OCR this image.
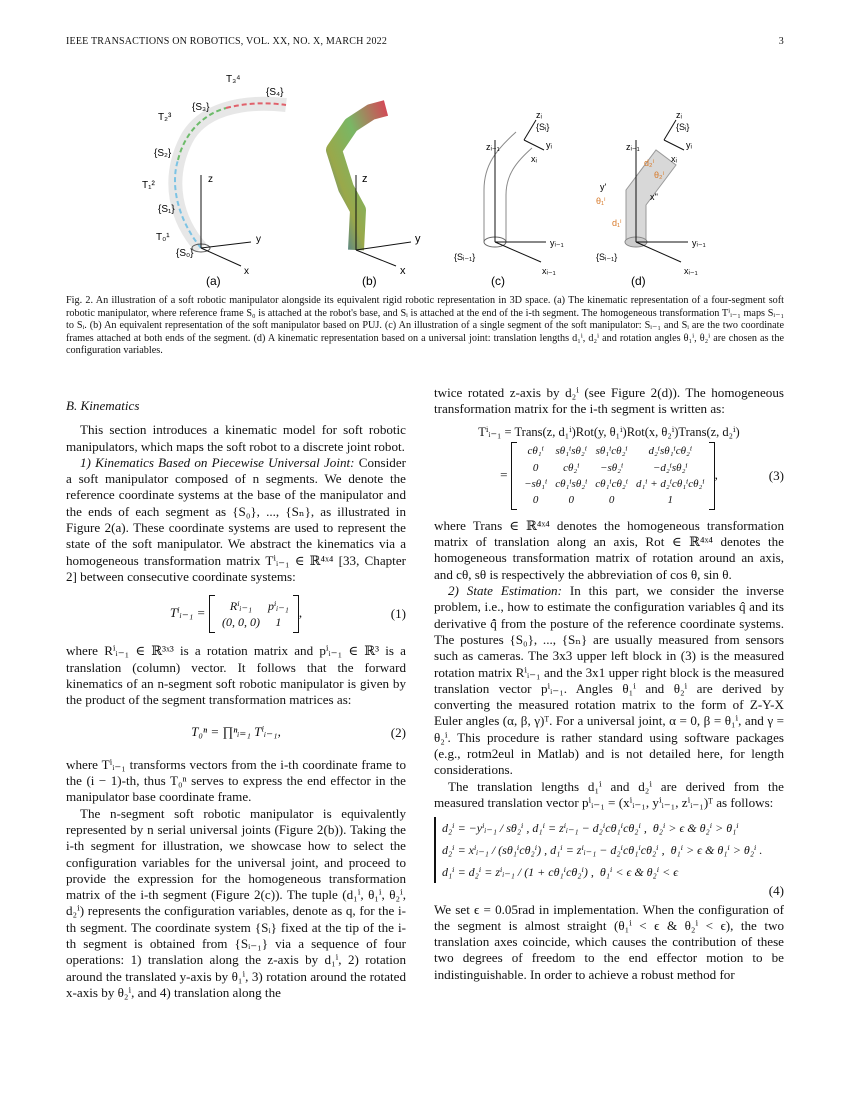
IEEE TRANSACTIONS ON ROBOTICS, VOL. XX, NO. X, MARCH 2022	3
z
y
x
T₃⁴
{S₃}
{S₄}
T₂³
{S₂}
T₁²
{S₁}
T₀¹
{S₀}
(a)
z
y
x
(b)
zᵢ₋₁
zᵢ
{Sᵢ}
yᵢ
xᵢ
{Sᵢ₋₁}
yᵢ₋₁
xᵢ₋₁
(c)
zᵢ₋₁
zᵢ
{Sᵢ}
yᵢ
xᵢ
y'
x''
θ₁ⁱ
θ₂ⁱ
d₁ⁱ
d₂ⁱ
{Sᵢ₋₁}
yᵢ₋₁
xᵢ₋₁
(d)
Fig. 2. An illustration of a soft robotic manipulator alongside its equivalent rigid robotic representation in 3D space. (a) The kinematic representation of a four-segment soft robotic manipulator, where reference frame S₀ is attached at the robot's base, and Sᵢ is attached at the end of the i-th segment. The homogeneous transformation Tⁱᵢ₋₁ maps Sᵢ₋₁ to Sᵢ. (b) An equivalent representation of the soft manipulator based on PUJ. (c) An illustration of a single segment of the soft manipulator: Sᵢ₋₁ and Sᵢ are the two coordinate frames attached at both ends of the segment. (d) A kinematic representation based on a universal joint: translation lengths d₁ⁱ, d₂ⁱ and rotation angles θ₁ⁱ, θ₂ⁱ are chosen as the configuration variables.
B. Kinematics

This section introduces a kinematic model for soft robotic manipulators, which maps the soft robot to a discrete joint robot.

1) Kinematics Based on Piecewise Universal Joint: Consider a soft manipulator composed of n segments. We denote the reference coordinate systems at the base of the manipulator and the ends of each segment as {S₀}, ..., {Sₙ}, as illustrated in Figure 2(a). These coordinate systems are used to represent the state of the soft manipulator. We abstract the kinematics via a homogeneous transformation matrix Tⁱᵢ₋₁ ∈ ℝ⁴ˣ⁴ [33, Chapter 2] between consecutive coordinate systems:

Tⁱᵢ₋₁ = Rⁱᵢ₋₁	pⁱᵢ₋₁
(0, 0, 0)	1,	(1)

where Rⁱᵢ₋₁ ∈ ℝ³ˣ³ is a rotation matrix and pⁱᵢ₋₁ ∈ ℝ³ is a translation (column) vector. It follows that the forward kinematics of an n-segment soft robotic manipulator is given by the product of the segment transformation matrices as:

T₀ⁿ = ∏ⁿᵢ₌₁ Tⁱᵢ₋₁,	(2)

where Tⁱᵢ₋₁ transforms vectors from the i-th coordinate frame to the (i − 1)-th, thus T₀ⁿ serves to express the end effector in the manipulator base coordinate frame.

The n-segment soft robotic manipulator is equivalently represented by n serial universal joints (Figure 2(b)). Taking the i-th segment for illustration, we showcase how to select the configuration variables for the universal joint, and proceed to provide the expression for the homogeneous transformation matrix of the i-th segment (Figure 2(c)). The tuple (d₁ⁱ, θ₁ⁱ, θ₂ⁱ, d₂ⁱ) represents the configuration variables, denote as q, for the i-th segment. The coordinate system {Sᵢ} fixed at the tip of the i-th segment is obtained from {Sᵢ₋₁} via a sequence of four operations: 1) translation along the z-axis by d₁ⁱ, 2) rotation around the translated y-axis by θ₁ⁱ, 3) rotation around the rotated x-axis by θ₂ⁱ, and 4) translation along the

twice rotated z-axis by d₂ⁱ (see Figure 2(d)). The homogeneous transformation matrix for the i-th segment is written as:

Tⁱᵢ₋₁ = Trans(z, d₁ⁱ)Rot(y, θ₁ⁱ)Rot(x, θ₂ⁱ)Trans(z, d₂ⁱ)
=  cθ₁ⁱ	sθ₁ⁱsθ₂ⁱ	sθ₁ⁱcθ₂ⁱ	d₂ⁱsθ₁ⁱcθ₂ⁱ
0	cθ₂ⁱ	−sθ₂ⁱ	−d₂ⁱsθ₂ⁱ
−sθ₁ⁱ	cθ₁ⁱsθ₂ⁱ	cθ₁ⁱcθ₂ⁱ	d₁ⁱ + d₂ⁱcθ₁ⁱcθ₂ⁱ
0	0	0	1,	(3)

where Trans ∈ ℝ⁴ˣ⁴ denotes the homogeneous transformation matrix of translation along an axis, Rot ∈ ℝ⁴ˣ⁴ denotes the homogeneous transformation matrix of rotation around an axis, and cθ, sθ is respectively the abbreviation of cos θ, sin θ.

2) State Estimation: In this part, we consider the inverse problem, i.e., how to estimate the configuration variables q̂ and its derivative q̂̇ from the posture of the reference coordinate systems. The postures {S₀}, ..., {Sₙ} are usually measured from sensors such as cameras. The 3x3 upper left block in (3) is the measured rotation matrix Rⁱᵢ₋₁ and the 3x1 upper right block is the measured translation vector pⁱᵢ₋₁. Angles θ₁ⁱ and θ₂ⁱ are derived by converting the measured rotation matrix to the form of Z-Y-X Euler angles (α, β, γ)ᵀ. For a universal joint, α = 0, β = θ₁ⁱ, and γ = θ₂ⁱ. This procedure is rather standard using software packages (e.g., rotm2eul in Matlab) and is not detailed here, for length considerations.

The translation lengths d₁ⁱ and d₂ⁱ are derived from the measured translation vector pⁱᵢ₋₁ = (xⁱᵢ₋₁, yⁱᵢ₋₁, zⁱᵢ₋₁)ᵀ as follows:

d₂ⁱ = −yⁱᵢ₋₁ / sθ₂ⁱ , d₁ⁱ = zⁱᵢ₋₁ − d₂ⁱcθ₁ⁱcθ₂ⁱ , θ₂ⁱ > ϵ & θ₂ⁱ > θ₁ⁱ
d₂ⁱ = xⁱᵢ₋₁ / (sθ₁ⁱcθ₂ⁱ) , d₁ⁱ = zⁱᵢ₋₁ − d₂ⁱcθ₁ⁱcθ₂ⁱ , θ₁ⁱ > ϵ & θ₁ⁱ > θ₂ⁱ .
d₁ⁱ = d₂ⁱ = zⁱᵢ₋₁ / (1 + cθ₁ⁱcθ₂ⁱ) , θ₁ⁱ < ϵ & θ₂ⁱ < ϵ
(4)

We set ϵ = 0.05rad in implementation. When the configuration of the segment is almost straight (θ₁ⁱ < ϵ & θ₂ⁱ < ϵ), the two translation axes coincide, which causes the contribution of these two degrees of freedom to the end effector motion to be indistinguishable. In order to achieve a robust method for
